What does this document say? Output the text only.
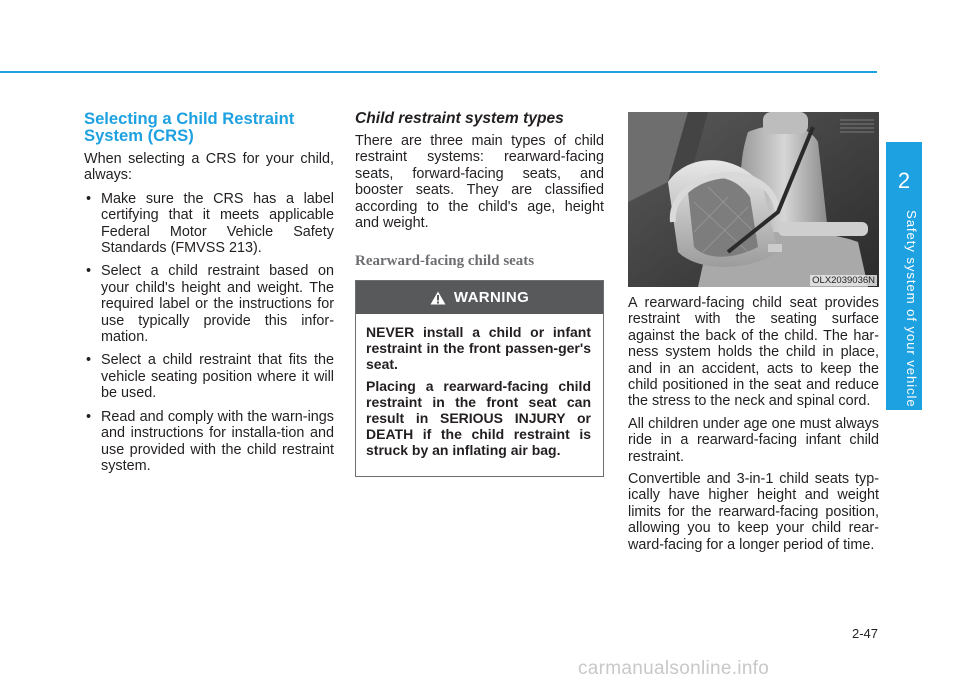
2
Safety system of your vehicle
Selecting a Child Restraint System (CRS)

When selecting a CRS for your child, always:

• Make sure the CRS has a label certifying that it meets applicable Federal Motor Vehicle Safety Standards (FMVSS 213).
• Select a child restraint based on your child's height and weight. The required label or the instructions for use typically provide this infor-mation.
• Select a child restraint that fits the vehicle seating position where it will be used.
• Read and comply with the warn-ings and instructions for installa-tion and use provided with the child restraint system.
Child restraint system types

There are three main types of child restraint systems: rearward-facing seats, forward-facing seats, and booster seats. They are classified according to the child's age, height and weight.

Rearward-facing child seats
WARNING

NEVER install a child or infant restraint in the front passen-ger's seat.

Placing a rearward-facing child restraint in the front seat can result in SERIOUS INJURY or DEATH if the child restraint is struck by an inflating air bag.

OLX2039036N

A rearward-facing child seat provides restraint with the seating surface against the back of the child. The har-ness system holds the child in place, and in an accident, acts to keep the child positioned in the seat and reduce the stress to the neck and spinal cord.

All children under age one must always ride in a rearward-facing infant child restraint.

Convertible and 3-in-1 child seats typ-ically have higher height and weight limits for the rearward-facing position, allowing you to keep your child rear-ward-facing for a longer period of time.

2-47
carmanualsonline.info
